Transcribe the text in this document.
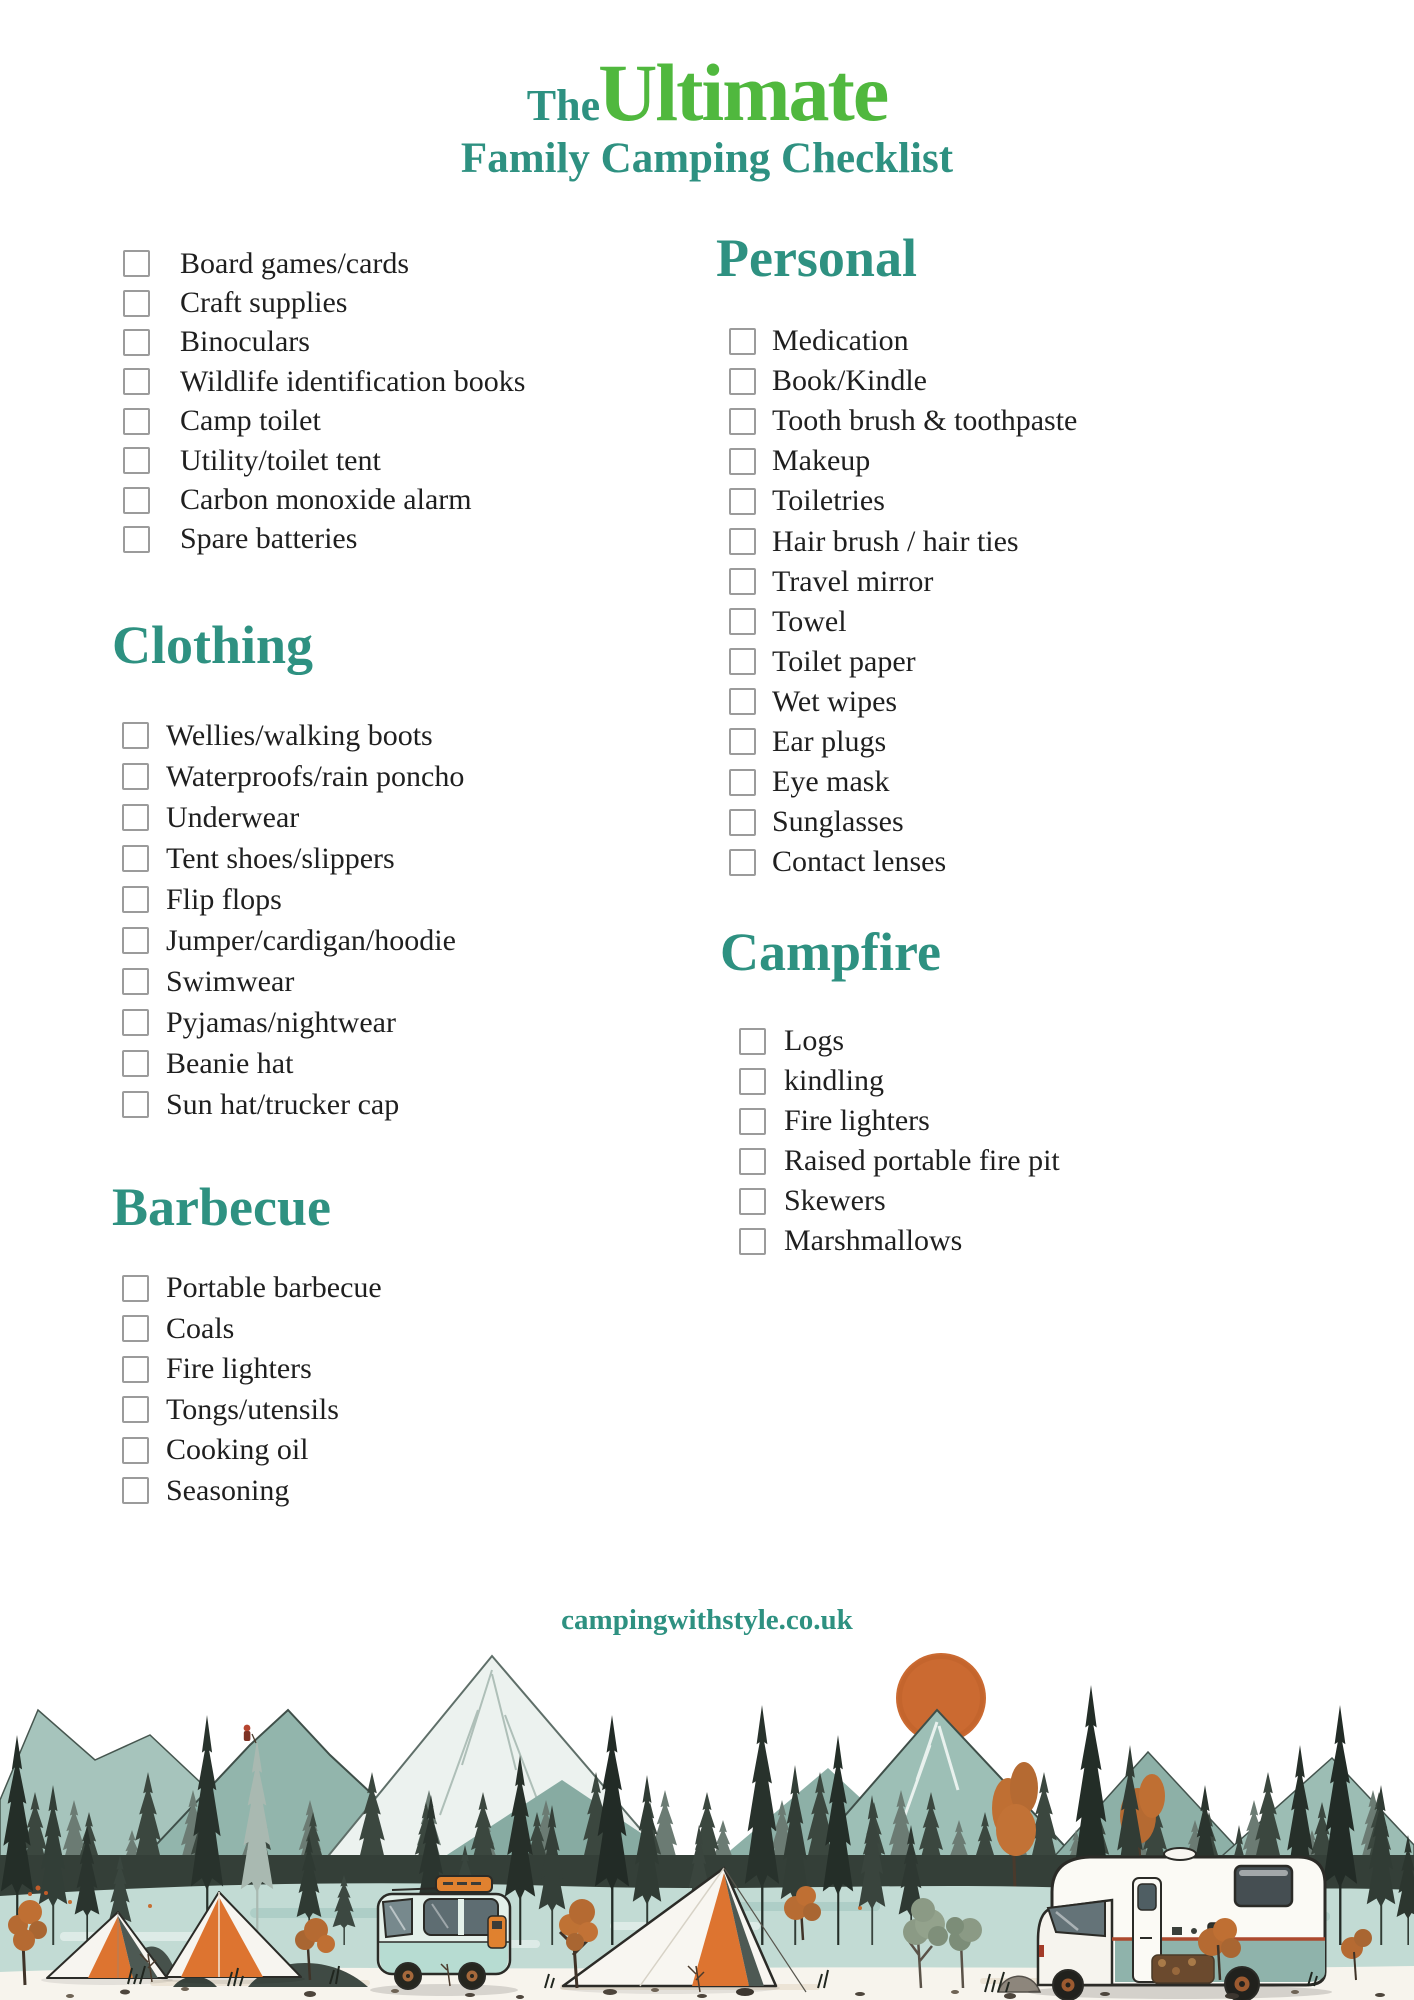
TheUltimate
Family Camping Checklist
Board games/cards
Craft supplies
Binoculars
Wildlife identification books
Camp toilet
Utility/toilet tent
Carbon monoxide alarm
Spare batteries
Clothing
Wellies/walking boots
Waterproofs/rain poncho
Underwear
Tent shoes/slippers
Flip flops
Jumper/cardigan/hoodie
Swimwear
Pyjamas/nightwear
Beanie hat
Sun hat/trucker cap
Barbecue
Portable barbecue
Coals
Fire lighters
Tongs/utensils
Cooking oil
Seasoning
Personal
Medication
Book/Kindle
Tooth brush & toothpaste
Makeup
Toiletries
Hair brush / hair ties
Travel mirror
Towel
Toilet paper
Wet wipes
Ear plugs
Eye mask
Sunglasses
Contact lenses
Campfire
Logs
kindling
Fire lighters
Raised portable fire pit
Skewers
Marshmallows
campingwithstyle.co.uk
